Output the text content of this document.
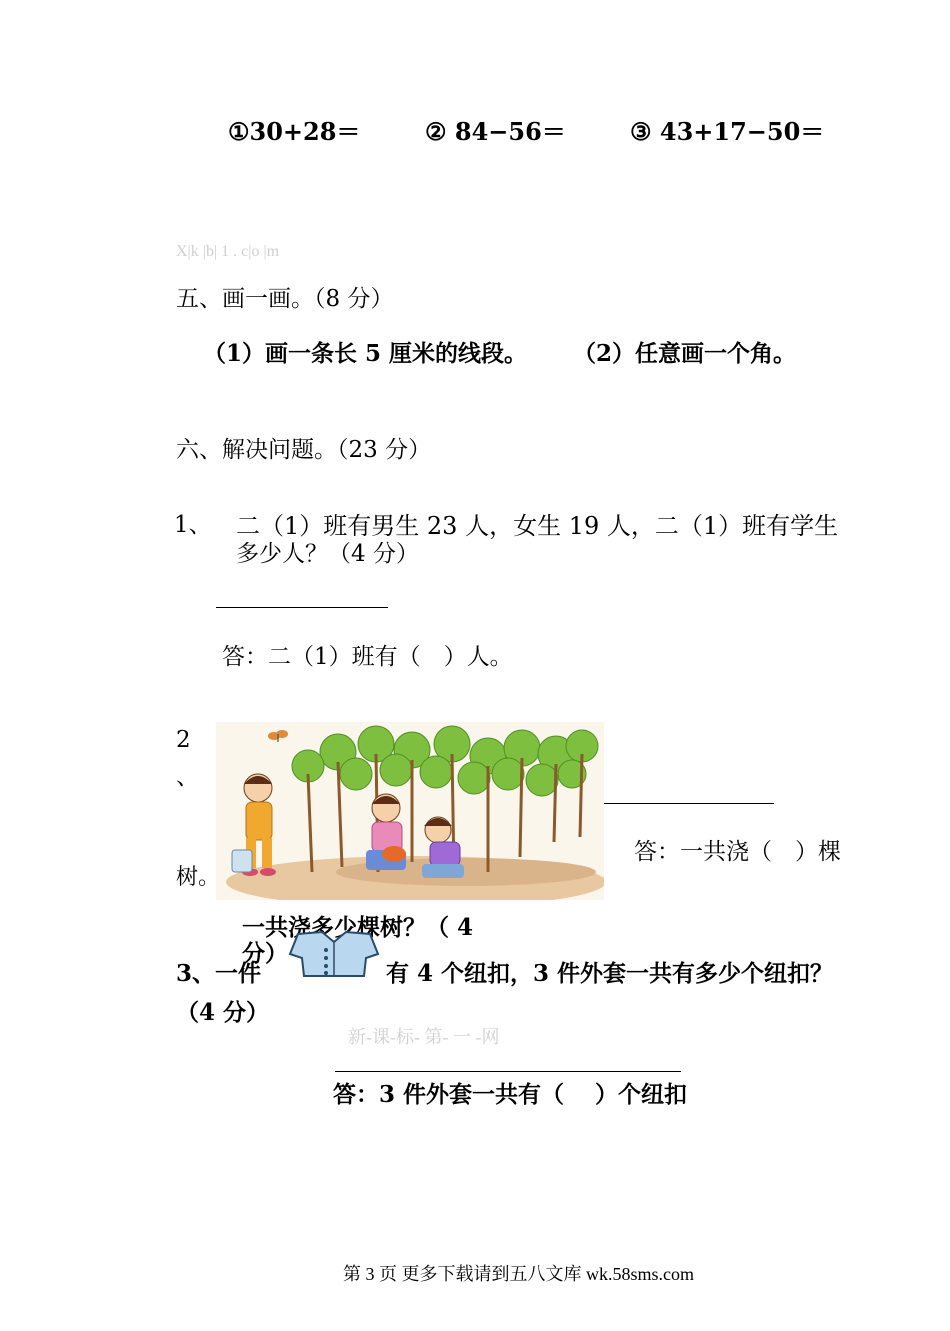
①30+28＝	② 84−56＝	③ 43+17−50＝
X|k |b| 1 . c|o |m
五、画一画。（8 分）
（1）画一条长 5 厘米的线段。 （2）任意画一个角。
六、解决问题。（23 分）
1、 二（1）班有男生 23 人，女生 19 人，二（1）班有学生
多少人？（4 分）
答：二（1）班有（　）人。
2
、
答：一共浇（　）棵
树。
一共浇多少棵树？（ 4
分）
3、一件	有 4 个纽扣，3 件外套一共有多少个纽扣？
（4 分）
新-课-标- 第- 一 -网
答：3 件外套一共有（　 ）个纽扣
第 3 页 更多下载请到五八文库 wk.58sms.com
